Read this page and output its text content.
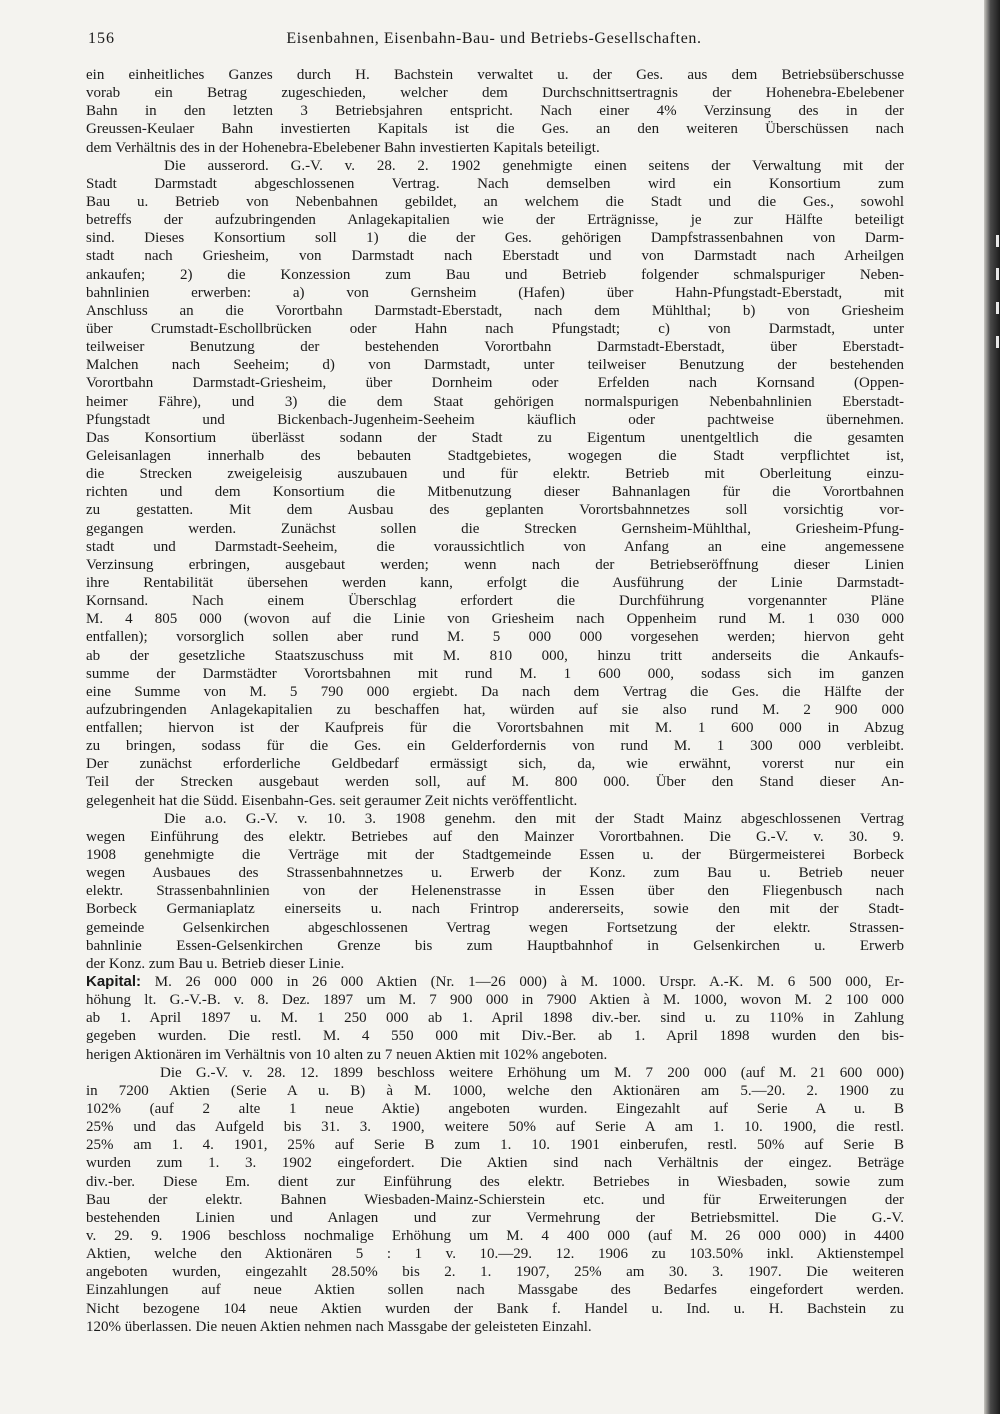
156	Eisenbahnen, Eisenbahn-Bau- und Betriebs-Gesellschaften.
ein einheitliches Ganzes durch H. Bachstein verwaltet u. der Ges. aus dem Betriebsüberschusse
vorab ein Betrag zugeschieden, welcher dem Durchschnittsertragnis der Hohenebra-Ebelebener
Bahn in den letzten 3 Betriebsjahren entspricht. Nach einer 4% Verzinsung des in der
Greussen-Keulaer Bahn investierten Kapitals ist die Ges. an den weiteren Überschüssen nach
dem Verhältnis des in der Hohenebra-Ebelebener Bahn investierten Kapitals beteiligt.
Die ausserord. G.-V. v. 28. 2. 1902 genehmigte einen seitens der Verwaltung mit der
Stadt Darmstadt abgeschlossenen Vertrag. Nach demselben wird ein Konsortium zum
Bau u. Betrieb von Nebenbahnen gebildet, an welchem die Stadt und die Ges., sowohl
betreffs der aufzubringenden Anlagekapitalien wie der Erträgnisse, je zur Hälfte beteiligt
sind. Dieses Konsortium soll 1) die der Ges. gehörigen Dampfstrassenbahnen von Darm-
stadt nach Griesheim, von Darmstadt nach Eberstadt und von Darmstadt nach Arheilgen
ankaufen; 2) die Konzession zum Bau und Betrieb folgender schmalspuriger Neben-
bahnlinien erwerben: a) von Gernsheim (Hafen) über Hahn-Pfungstadt-Eberstadt, mit
Anschluss an die Vorortbahn Darmstadt-Eberstadt, nach dem Mühlthal; b) von Griesheim
über Crumstadt-Eschollbrücken oder Hahn nach Pfungstadt; c) von Darmstadt, unter
teilweiser Benutzung der bestehenden Vorortbahn Darmstadt-Eberstadt, über Eberstadt-
Malchen nach Seeheim; d) von Darmstadt, unter teilweiser Benutzung der bestehenden
Vorortbahn Darmstadt-Griesheim, über Dornheim oder Erfelden nach Kornsand (Oppen-
heimer Fähre), und 3) die dem Staat gehörigen normalspurigen Nebenbahnlinien Eberstadt-
Pfungstadt und Bickenbach-Jugenheim-Seeheim käuflich oder pachtweise übernehmen.
Das Konsortium überlässt sodann der Stadt zu Eigentum unentgeltlich die gesamten
Geleisanlagen innerhalb des bebauten Stadtgebietes, wogegen die Stadt verpflichtet ist,
die Strecken zweigeleisig auszubauen und für elektr. Betrieb mit Oberleitung einzu-
richten und dem Konsortium die Mitbenutzung dieser Bahnanlagen für die Vorortbahnen
zu gestatten. Mit dem Ausbau des geplanten Vorortsbahnnetzes soll vorsichtig vor-
gegangen werden. Zunächst sollen die Strecken Gernsheim-Mühlthal, Griesheim-Pfung-
stadt und Darmstadt-Seeheim, die voraussichtlich von Anfang an eine angemessene
Verzinsung erbringen, ausgebaut werden; wenn nach der Betriebseröffnung dieser Linien
ihre Rentabilität übersehen werden kann, erfolgt die Ausführung der Linie Darmstadt-
Kornsand. Nach einem Überschlag erfordert die Durchführung vorgenannter Pläne
M. 4 805 000 (wovon auf die Linie von Griesheim nach Oppenheim rund M. 1 030 000
entfallen); vorsorglich sollen aber rund M. 5 000 000 vorgesehen werden; hiervon geht
ab der gesetzliche Staatszuschuss mit M. 810 000, hinzu tritt anderseits die Ankaufs-
summe der Darmstädter Vorortsbahnen mit rund M. 1 600 000, sodass sich im ganzen
eine Summe von M. 5 790 000 ergiebt. Da nach dem Vertrag die Ges. die Hälfte der
aufzubringenden Anlagekapitalien zu beschaffen hat, würden auf sie also rund M. 2 900 000
entfallen; hiervon ist der Kaufpreis für die Vorortsbahnen mit M. 1 600 000 in Abzug
zu bringen, sodass für die Ges. ein Gelderfordernis von rund M. 1 300 000 verbleibt.
Der zunächst erforderliche Geldbedarf ermässigt sich, da, wie erwähnt, vorerst nur ein
Teil der Strecken ausgebaut werden soll, auf M. 800 000. Über den Stand dieser An-
gelegenheit hat die Südd. Eisenbahn-Ges. seit geraumer Zeit nichts veröffentlicht.
Die a.o. G.-V. v. 10. 3. 1908 genehm. den mit der Stadt Mainz abgeschlossenen Vertrag
wegen Einführung des elektr. Betriebes auf den Mainzer Vorortbahnen. Die G.-V. v. 30. 9.
1908 genehmigte die Verträge mit der Stadtgemeinde Essen u. der Bürgermeisterei Borbeck
wegen Ausbaues des Strassenbahnnetzes u. Erwerb der Konz. zum Bau u. Betrieb neuer
elektr. Strassenbahnlinien von der Helenenstrasse in Essen über den Fliegenbusch nach
Borbeck Germaniaplatz einerseits u. nach Frintrop andererseits, sowie den mit der Stadt-
gemeinde Gelsenkirchen abgeschlossenen Vertrag wegen Fortsetzung der elektr. Strassen-
bahnlinie Essen-Gelsenkirchen Grenze bis zum Hauptbahnhof in Gelsenkirchen u. Erwerb
der Konz. zum Bau u. Betrieb dieser Linie.
Kapital: M. 26 000 000 in 26 000 Aktien (Nr. 1—26 000) à M. 1000. Urspr. A.-K. M. 6 500 000, Er-
höhung lt. G.-V.-B. v. 8. Dez. 1897 um M. 7 900 000 in 7900 Aktien à M. 1000, wovon M. 2 100 000
ab 1. April 1897 u. M. 1 250 000 ab 1. April 1898 div.-ber. sind u. zu 110% in Zahlung
gegeben wurden. Die restl. M. 4 550 000 mit Div.-Ber. ab 1. April 1898 wurden den bis-
herigen Aktionären im Verhältnis von 10 alten zu 7 neuen Aktien mit 102% angeboten.
Die G.-V. v. 28. 12. 1899 beschloss weitere Erhöhung um M. 7 200 000 (auf M. 21 600 000)
in 7200 Aktien (Serie A u. B) à M. 1000, welche den Aktionären am 5.—20. 2. 1900 zu
102% (auf 2 alte 1 neue Aktie) angeboten wurden. Eingezahlt auf Serie A u. B
25% und das Aufgeld bis 31. 3. 1900, weitere 50% auf Serie A am 1. 10. 1900, die restl.
25% am 1. 4. 1901, 25% auf Serie B zum 1. 10. 1901 einberufen, restl. 50% auf Serie B
wurden zum 1. 3. 1902 eingefordert. Die Aktien sind nach Verhältnis der eingez. Beträge
div.-ber. Diese Em. dient zur Einführung des elektr. Betriebes in Wiesbaden, sowie zum
Bau der elektr. Bahnen Wiesbaden-Mainz-Schierstein etc. und für Erweiterungen der
bestehenden Linien und Anlagen und zur Vermehrung der Betriebsmittel. Die G.-V.
v. 29. 9. 1906 beschloss nochmalige Erhöhung um M. 4 400 000 (auf M. 26 000 000) in 4400
Aktien, welche den Aktionären 5 : 1 v. 10.—29. 12. 1906 zu 103.50% inkl. Aktienstempel
angeboten wurden, eingezahlt 28.50% bis 2. 1. 1907, 25% am 30. 3. 1907. Die weiteren
Einzahlungen auf neue Aktien sollen nach Massgabe des Bedarfes eingefordert werden.
Nicht bezogene 104 neue Aktien wurden der Bank f. Handel u. Ind. u. H. Bachstein zu
120% überlassen. Die neuen Aktien nehmen nach Massgabe der geleisteten Einzahl.
